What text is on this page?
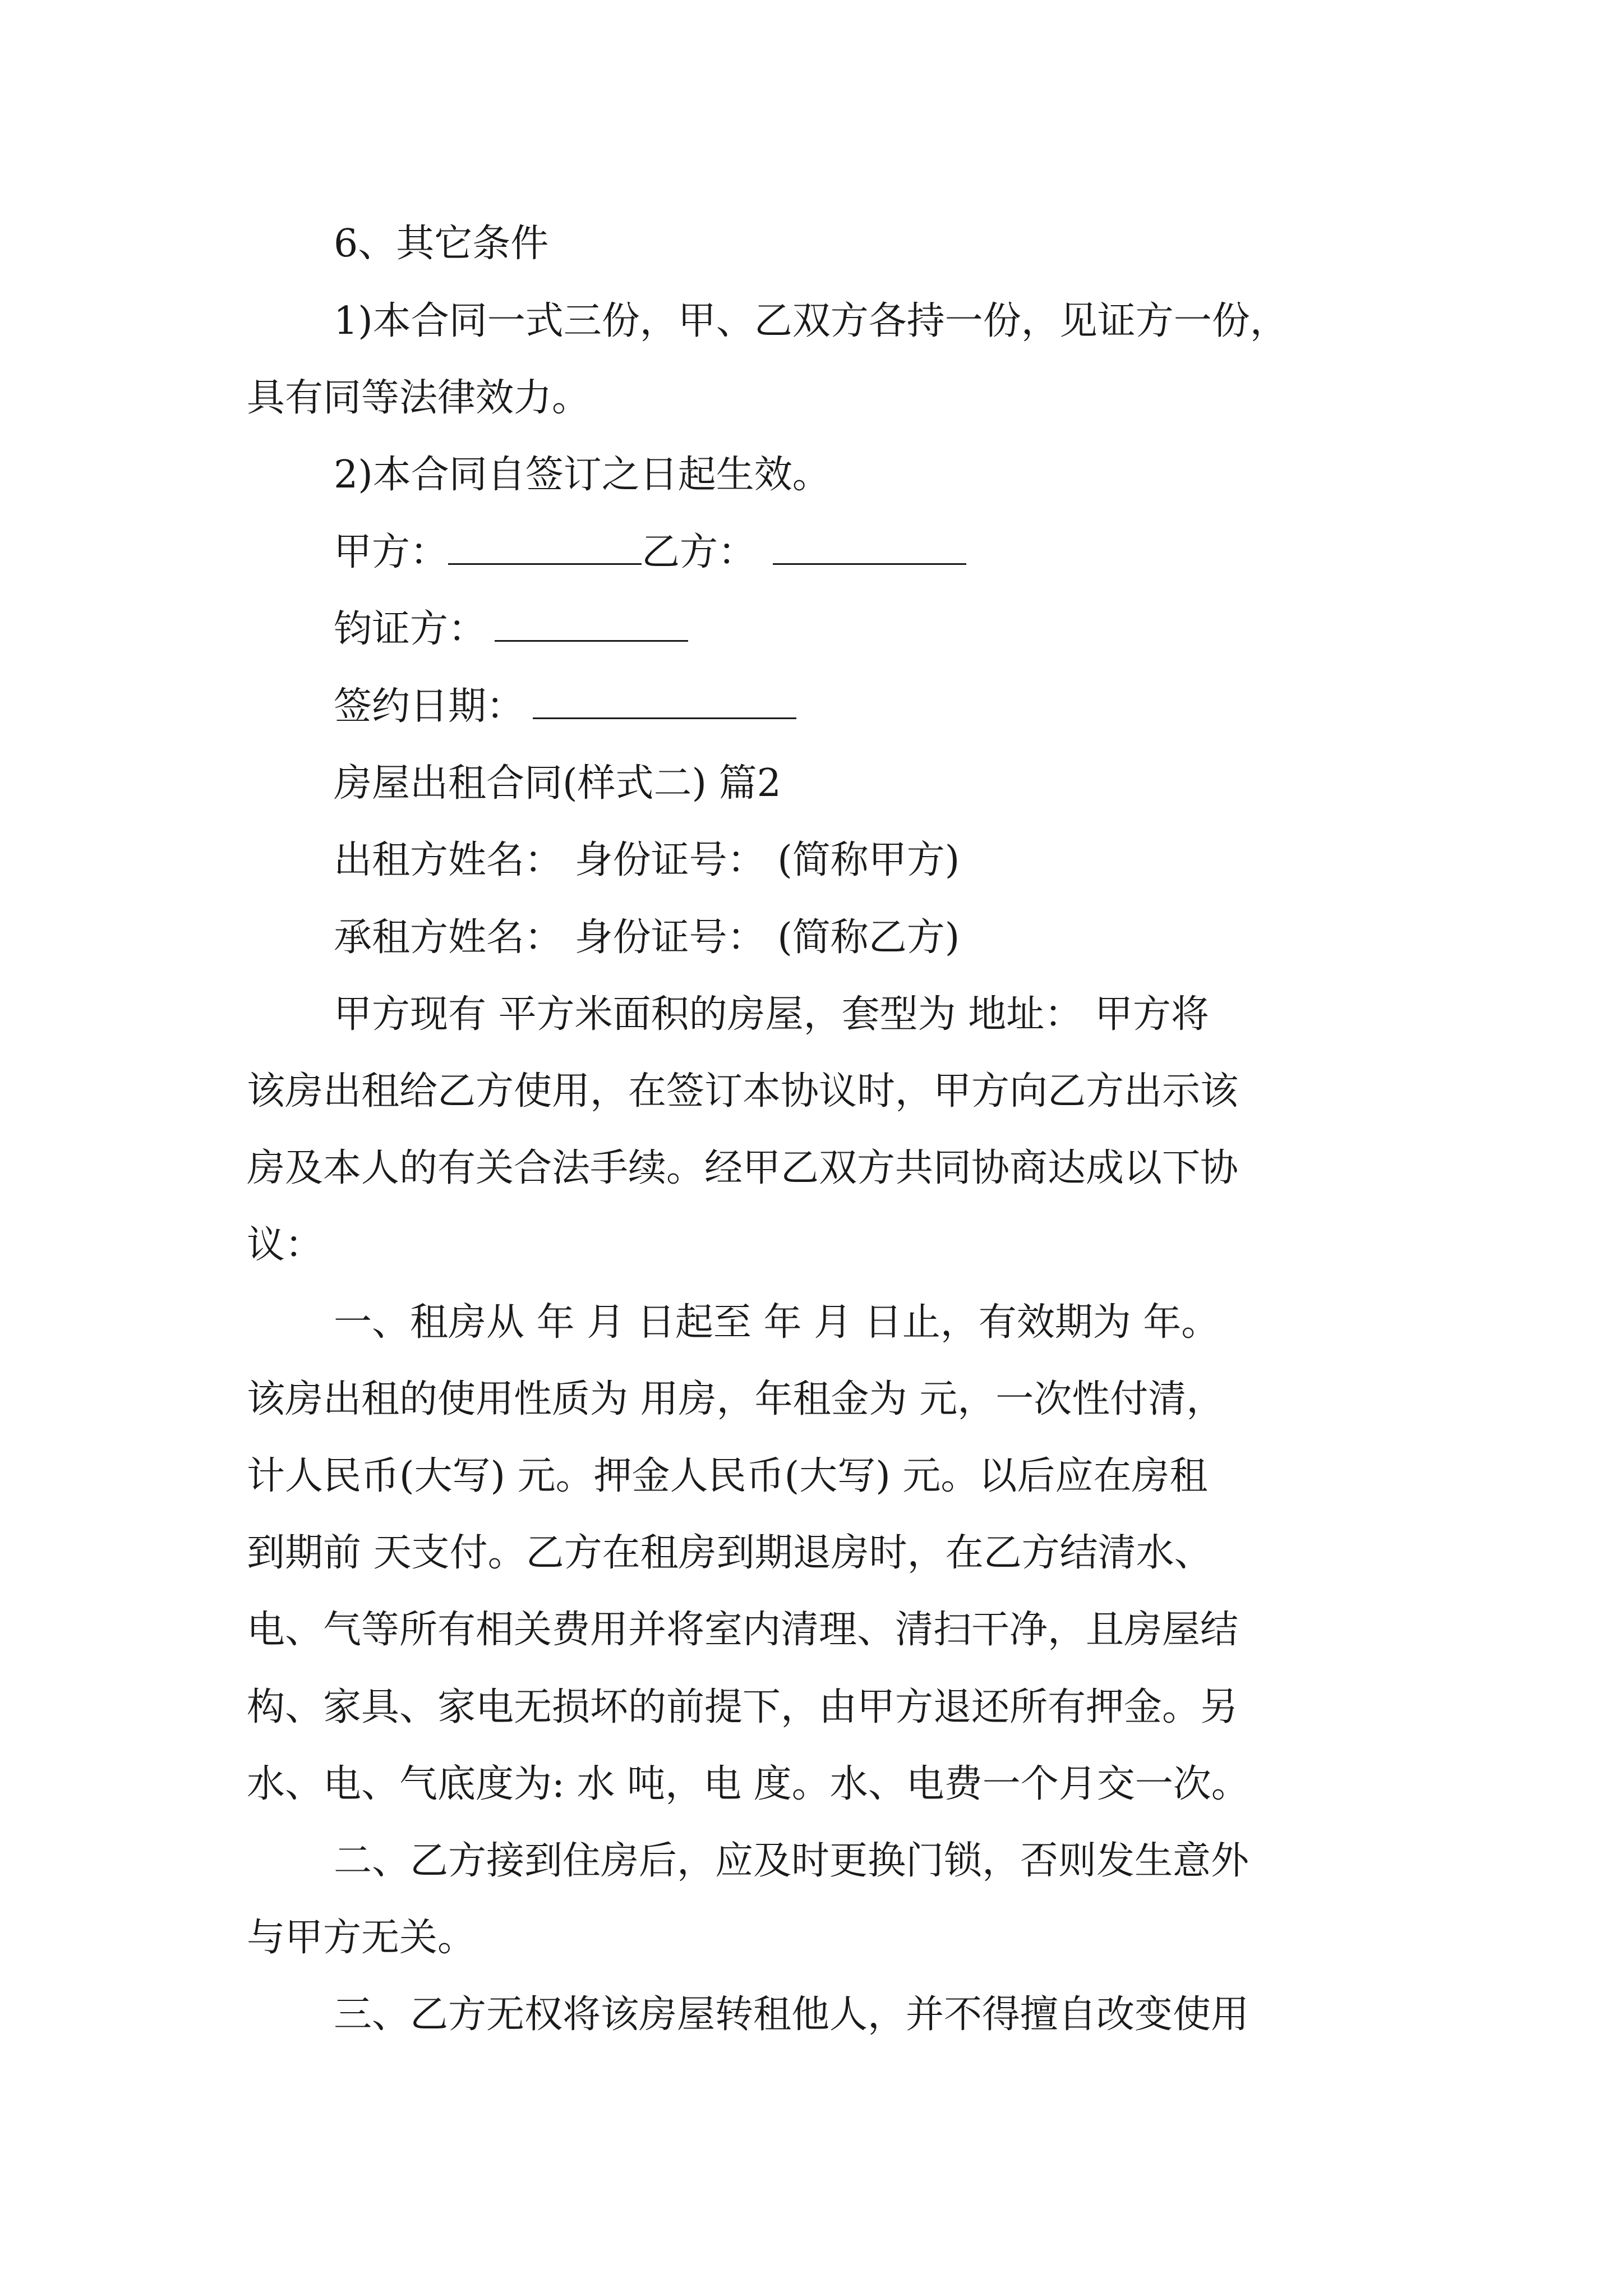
6、其它条件
1)本合同一式三份，甲、乙双方各持一份，见证方一份，
具有同等法律效力。
2)本合同自签订之日起生效。
甲方：	乙方：
钧证方：
签约日期：
房屋出租合同(样式二) 篇2
出租方姓名： 身份证号： (简称甲方)
承租方姓名： 身份证号： (简称乙方)
甲方现有 平方米面积的房屋，套型为 地址： 甲方将
该房出租给乙方使用，在签订本协议时，甲方向乙方出示该
房及本人的有关合法手续。经甲乙双方共同协商达成以下协
议：
一、租房从 年 月 日起至 年 月 日止，有效期为 年。
该房出租的使用性质为 用房，年租金为 元，一次性付清，
计人民币(大写) 元。押金人民币(大写) 元。以后应在房租
到期前 天支付。乙方在租房到期退房时，在乙方结清水、
电、气等所有相关费用并将室内清理、清扫干净，且房屋结
构、家具、家电无损坏的前提下，由甲方退还所有押金。另
水、电、气底度为: 水 吨，电 度。水、电费一个月交一次。
二、乙方接到住房后，应及时更换门锁，否则发生意外
与甲方无关。
三、乙方无权将该房屋转租他人，并不得擅自改变使用
